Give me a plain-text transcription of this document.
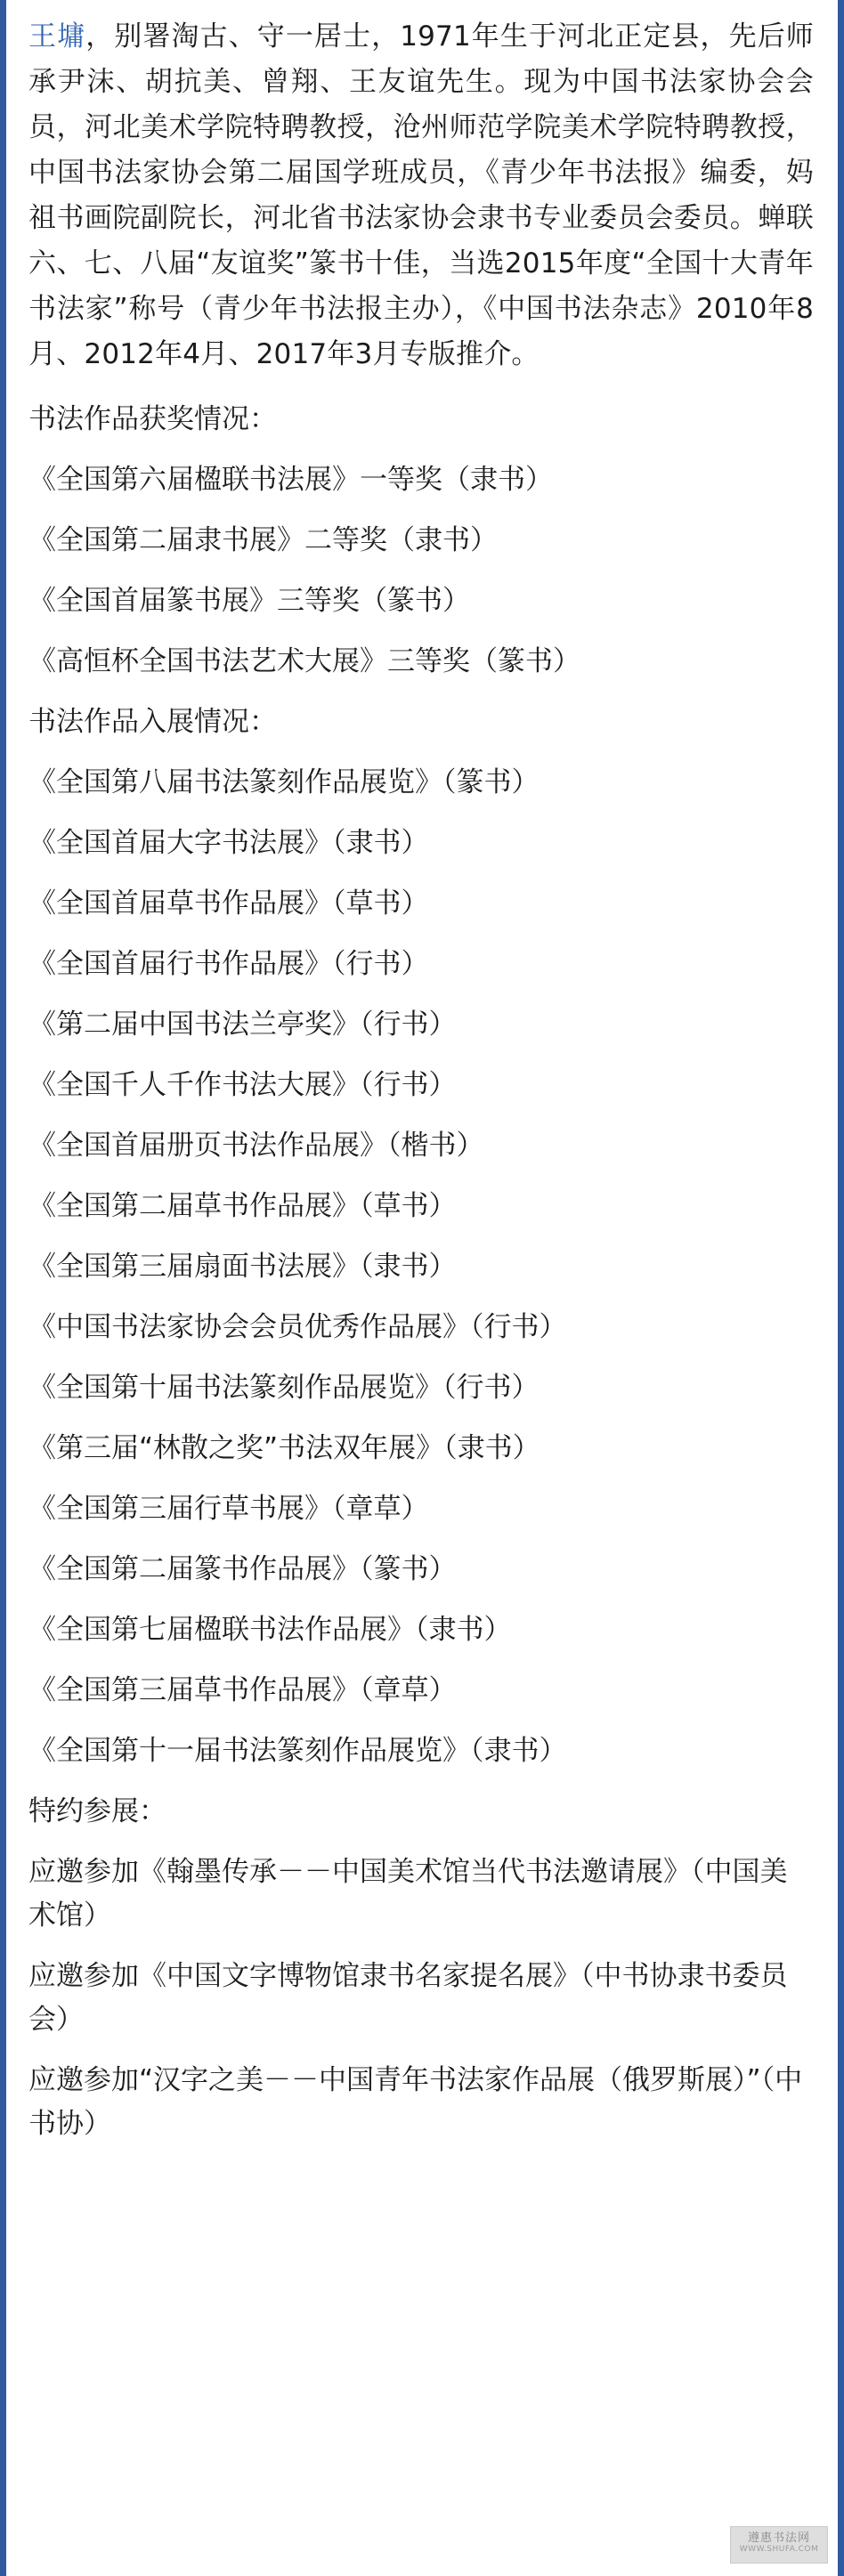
王墉，别署淘古、守一居士，1971年生于河北正定县，先后师承尹沫、胡抗美、曾翔、王友谊先生。现为中国书法家协会会员，河北美术学院特聘教授，沧州师范学院美术学院特聘教授，中国书法家协会第二届国学班成员，《青少年书法报》编委，妈祖书画院副院长，河北省书法家协会隶书专业委员会委员。蝉联六、七、八届“友谊奖”篆书十佳，当选2015年度“全国十大青年书法家”称号（青少年书法报主办），《中国书法杂志》2010年8月、2012年4月、2017年3月专版推介。

书法作品获奖情况：

《全国第六届楹联书法展》一等奖（隶书）

《全国第二届隶书展》二等奖（隶书）

《全国首届篆书展》三等奖（篆书）

《高恒杯全国书法艺术大展》三等奖（篆书）

书法作品入展情况：

《全国第八届书法篆刻作品展览》（篆书）

《全国首届大字书法展》（隶书）

《全国首届草书作品展》（草书）

《全国首届行书作品展》（行书）

《第二届中国书法兰亭奖》（行书）

《全国千人千作书法大展》（行书）

《全国首届册页书法作品展》（楷书）

《全国第二届草书作品展》（草书）

《全国第三届扇面书法展》（隶书）

《中国书法家协会会员优秀作品展》（行书）

《全国第十届书法篆刻作品展览》（行书）

《第三届“林散之奖”书法双年展》（隶书）

《全国第三届行草书展》（章草）

《全国第二届篆书作品展》（篆书）

《全国第七届楹联书法作品展》（隶书）

《全国第三届草书作品展》（章草）

《全国第十一届书法篆刻作品展览》（隶书）

特约参展：

应邀参加《翰墨传承－－中国美术馆当代书法邀请展》（中国美术馆）

应邀参加《中国文字博物馆隶书名家提名展》（中书协隶书委员会）

应邀参加“汉字之美－－中国青年书法家作品展（俄罗斯展）”（中书协）

遵惠书法网
WWW.SHUFA.COM
